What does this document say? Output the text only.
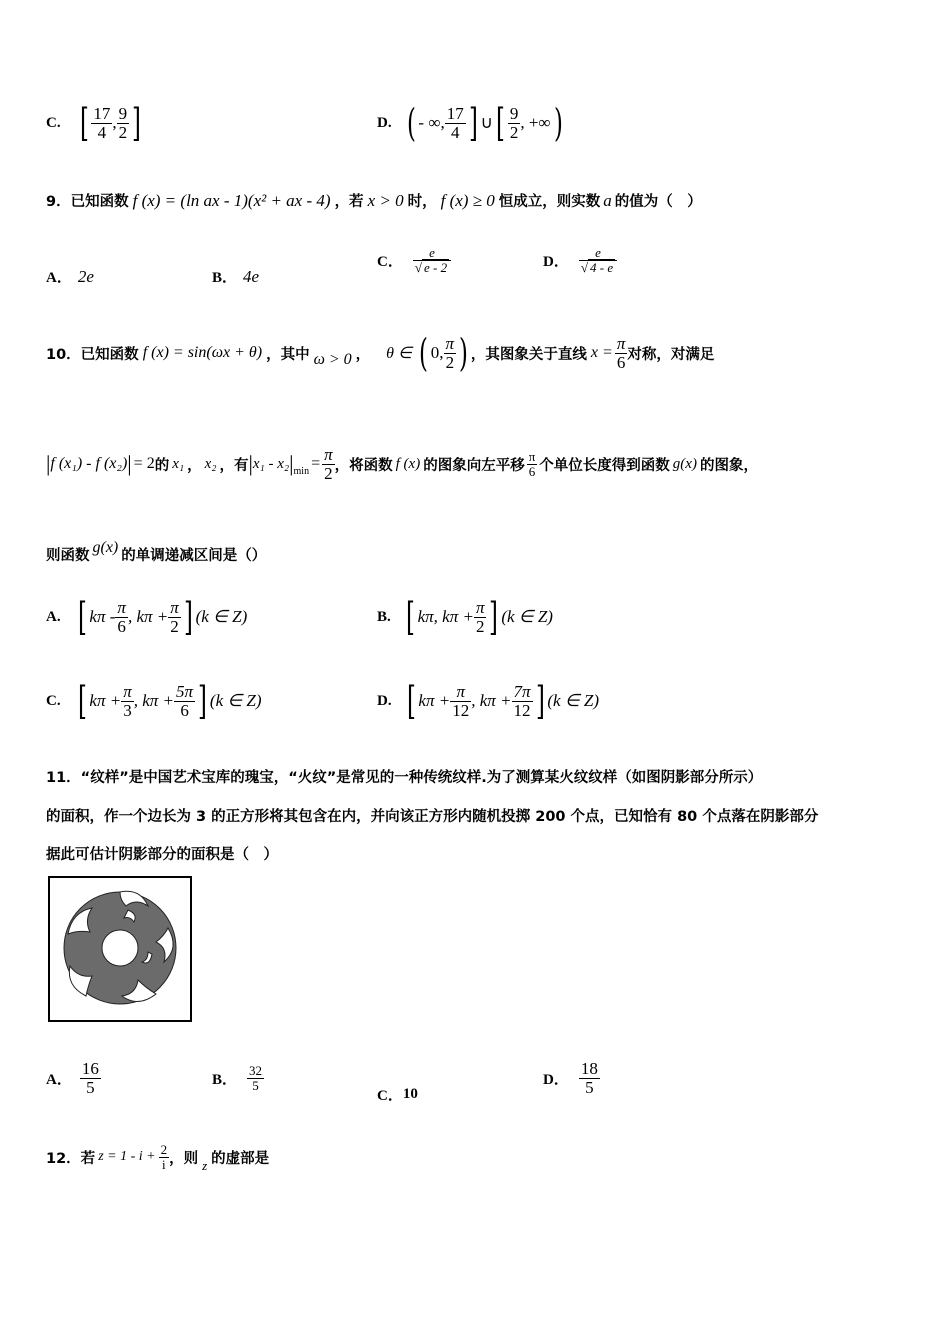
C. [ $\frac{17}{4}$ , $\frac{9}{2}$ ]	D. ( - ∞, $\frac{17}{4}$ ] ∪ [ $\frac{9}{2}$ , +∞ )
9．已知函数 f (x) = (ln ax - 1)(x² + ax - 4) ，若 x > 0 时， f (x) ≥ 0 恒成立，则实数 a 的值为（　）
A． 2e	B． 4e
C． $\frac{e}{√ e - 2}$	D． $\frac{e}{√ 4 - e}$
10．已知函数 f (x) = sin(ωx + θ) ，其中 ω > 0 ， θ ∈ ( 0, $\frac{\pi}{2}$ ) ，其图象关于直线 $x = \frac{\pi}{6}$ 对称，对满足
| f (x₁) - f (x₂) | = 2 的 x₁ ， x₂ ，有 | x₁ - x₂ | $\min = \frac{\pi}{2}$ ，将函数 f (x) 的图象向左平移 $\frac{\pi}{6}$ 个单位长度得到函数 g(x) 的图象，
则函数
g(x)
的单调递减区间是（）
A. [ kπ - $\frac{\pi}{6}$ , $k\pi + \frac{\pi}{2}$ ] (k ∈ Z)	B. [ kπ, $k\pi + \frac{\pi}{2}$ ] (k ∈ Z)
C. [ $k\pi + \frac{\pi}{3}$ , $k\pi + \frac{5\pi}{6}$ ] (k ∈ Z)	D. [ $k\pi + \frac{\pi}{12}$ , $k\pi + \frac{7\pi}{12}$ ] (k ∈ Z)
11．“纹样”是中国艺术宝库的瑰宝，“火纹”是常见的一种传统纹样.为了测算某火纹纹样（如图阴影部分所示）
的面积，作一个边长为 3 的正方形将其包含在内，并向该正方形内随机投掷 200 个点，已知恰有 80 个点落在阴影部分
据此可估计阴影部分的面积是（　）
A． $\frac{16}{5}$	B． $\frac{32}{5}$
C． 10
D． $\frac{18}{5}$
12．若 $z = 1 - i + \frac{2}{i}$ ，则 z 的虚部是
